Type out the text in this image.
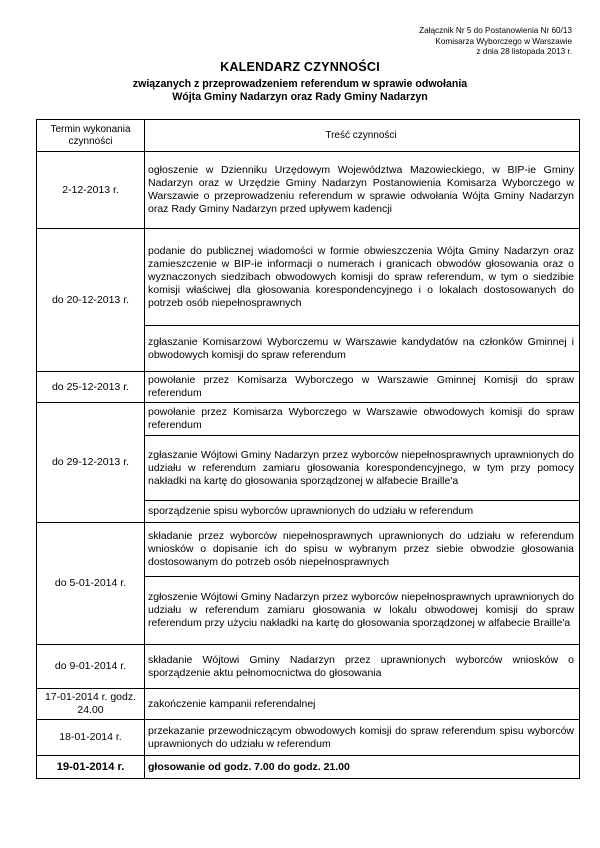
Załącznik Nr 5 do Postanowienia Nr 60/13
Komisarza Wyborczego w Warszawie
z dnia 28 listopada 2013 r.
KALENDARZ CZYNNOŚCI
związanych z przeprowadzeniem referendum w sprawie odwołania
Wójta Gminy Nadarzyn oraz Rady Gminy Nadarzyn
Termin wykonania czynności	Treść czynności
2-12-2013 r.	ogłoszenie w Dzienniku Urzędowym Województwa Mazowieckiego, w BIP-ie Gminy Nadarzyn oraz w Urzędzie Gminy Nadarzyn Postanowienia Komisarza Wyborczego w Warszawie o przeprowadzeniu referendum w sprawie odwołania Wójta Gminy Nadarzyn oraz Rady Gminy Nadarzyn przed upływem kadencji
do 20-12-2013 r.	podanie do publicznej wiadomości w formie obwieszczenia Wójta Gminy Nadarzyn oraz zamieszczenie w BIP-ie informacji o numerach i granicach obwodów głosowania oraz o wyznaczonych siedzibach obwodowych komisji do spraw referendum, w tym o siedzibie komisji właściwej dla głosowania korespondencyjnego i o lokalach dostosowanych do potrzeb osób niepełnosprawnych
	zgłaszanie Komisarzowi Wyborczemu w Warszawie kandydatów na członków Gminnej i obwodowych komisji do spraw referendum
do 25-12-2013 r.	powołanie przez Komisarza Wyborczego w Warszawie Gminnej Komisji do spraw referendum
do 29-12-2013 r.	powołanie przez Komisarza Wyborczego w Warszawie obwodowych komisji do spraw referendum
	zgłaszanie Wójtowi Gminy Nadarzyn przez wyborców niepełnosprawnych uprawnionych do udziału w referendum zamiaru głosowania korespondencyjnego, w tym przy pomocy nakładki na kartę do głosowania sporządzonej w alfabecie Braille'a
	sporządzenie spisu wyborców uprawnionych do udziału w referendum
do 5-01-2014 r.	składanie przez wyborców niepełnosprawnych uprawnionych do udziału w referendum wniosków o dopisanie ich do spisu w wybranym przez siebie obwodzie głosowania dostosowanym do potrzeb osób niepełnosprawnych
	zgłoszenie Wójtowi Gminy Nadarzyn przez wyborców niepełnosprawnych uprawnionych do udziału w referendum zamiaru głosowania w lokalu obwodowej komisji do spraw referendum przy użyciu nakładki na kartę do głosowania sporządzonej w alfabecie Braille'a
do 9-01-2014 r.	składanie Wójtowi Gminy Nadarzyn przez uprawnionych wyborców wniosków o sporządzenie aktu pełnomocnictwa do głosowania
17-01-2014 r. godz. 24.00	zakończenie kampanii referendalnej
18-01-2014 r.	przekazanie przewodniczącym obwodowych komisji do spraw referendum spisu wyborców uprawnionych do udziału w referendum
19-01-2014 r.	głosowanie od godz. 7.00 do godz. 21.00
